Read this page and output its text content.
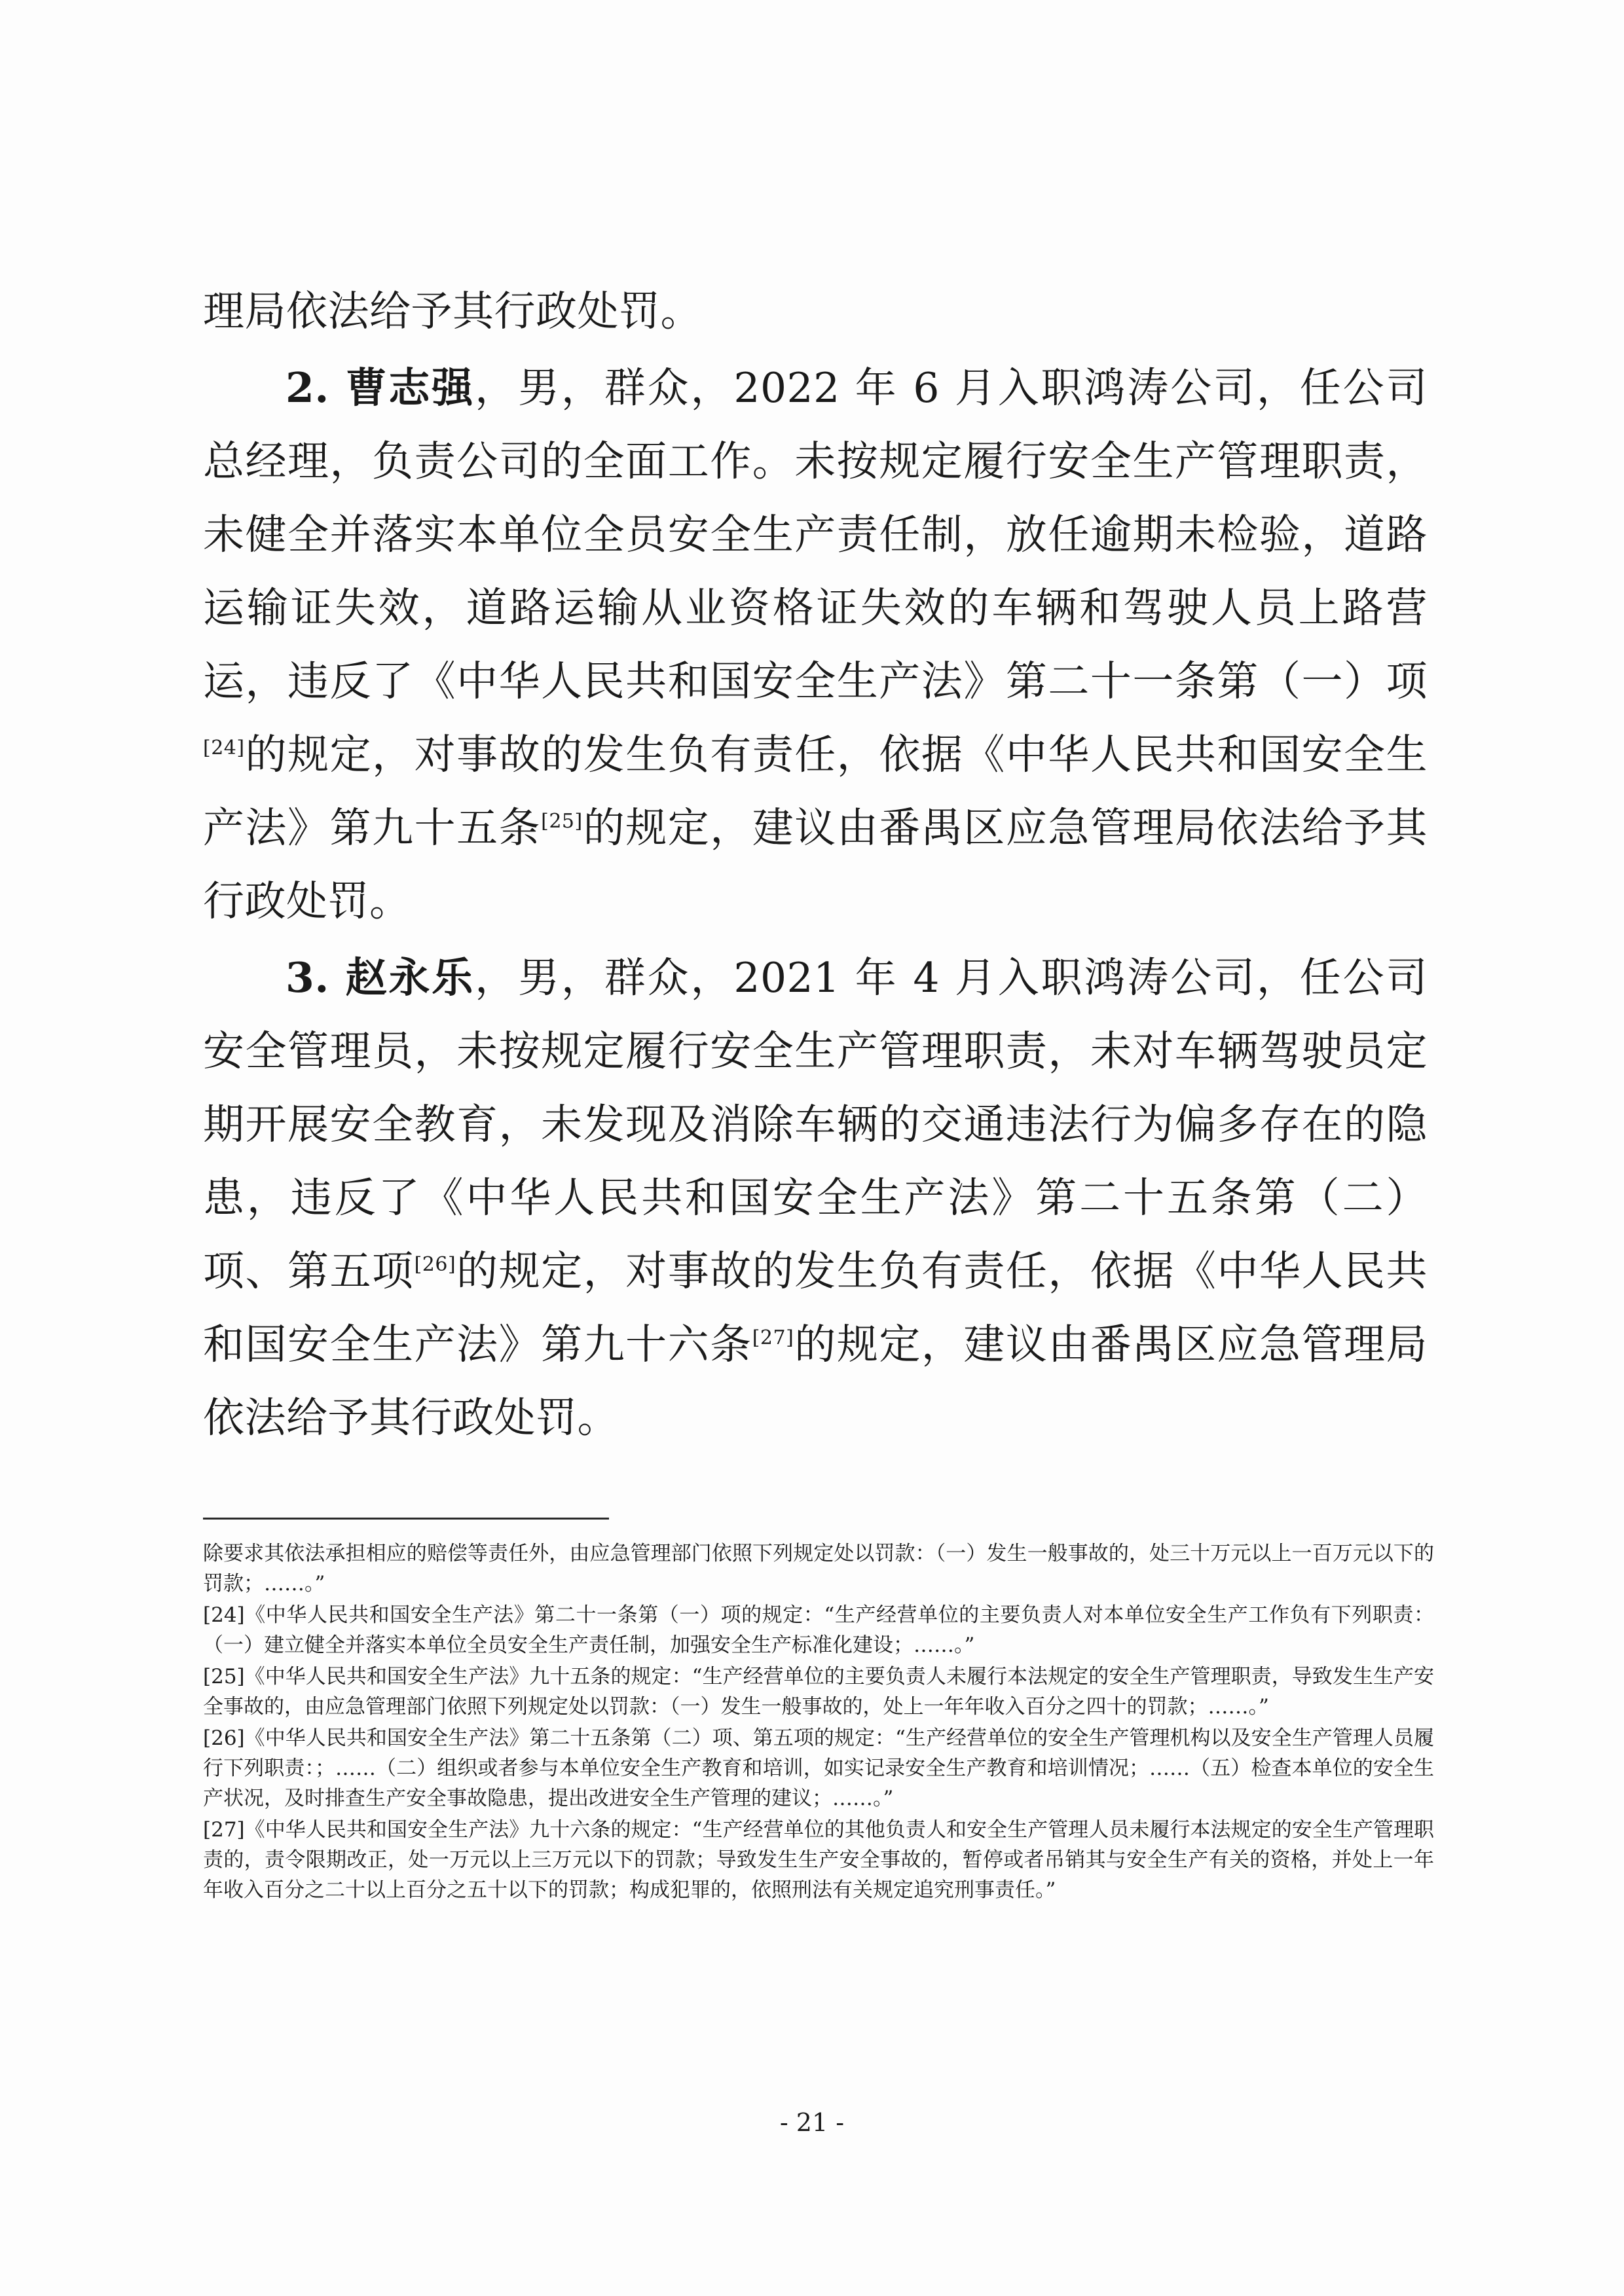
理局依法给予其行政处罚。

2. 曹志强，男，群众，2022 年 6 月入职鸿涛公司，任公司总经理，负责公司的全面工作。未按规定履行安全生产管理职责，未健全并落实本单位全员安全生产责任制，放任逾期未检验，道路运输证失效，道路运输从业资格证失效的车辆和驾驶人员上路营运，违反了《中华人民共和国安全生产法》第二十一条第（一）项[24]的规定，对事故的发生负有责任，依据《中华人民共和国安全生产法》第九十五条[25]的规定，建议由番禺区应急管理局依法给予其行政处罚。

3. 赵永乐，男，群众，2021 年 4 月入职鸿涛公司，任公司安全管理员，未按规定履行安全生产管理职责，未对车辆驾驶员定期开展安全教育，未发现及消除车辆的交通违法行为偏多存在的隐患，违反了《中华人民共和国安全生产法》第二十五条第（二）项、第五项[26]的规定，对事故的发生负有责任，依据《中华人民共和国安全生产法》第九十六条[27]的规定，建议由番禺区应急管理局依法给予其行政处罚。

除要求其依法承担相应的赔偿等责任外，由应急管理部门依照下列规定处以罚款：（一）发生一般事故的，处三十万元以上一百万元以下的罚款；……。”

[24]《中华人民共和国安全生产法》第二十一条第（一）项的规定：“生产经营单位的主要负责人对本单位安全生产工作负有下列职责：（一）建立健全并落实本单位全员安全生产责任制，加强安全生产标准化建设；……。”

[25]《中华人民共和国安全生产法》九十五条的规定：“生产经营单位的主要负责人未履行本法规定的安全生产管理职责，导致发生生产安全事故的，由应急管理部门依照下列规定处以罚款：（一）发生一般事故的，处上一年年收入百分之四十的罚款；……。”

[26]《中华人民共和国安全生产法》第二十五条第（二）项、第五项的规定：“生产经营单位的安全生产管理机构以及安全生产管理人员履行下列职责：；……（二）组织或者参与本单位安全生产教育和培训，如实记录安全生产教育和培训情况；……（五）检查本单位的安全生产状况，及时排查生产安全事故隐患，提出改进安全生产管理的建议；……。”

[27]《中华人民共和国安全生产法》九十六条的规定：“生产经营单位的其他负责人和安全生产管理人员未履行本法规定的安全生产管理职责的，责令限期改正，处一万元以上三万元以下的罚款；导致发生生产安全事故的，暂停或者吊销其与安全生产有关的资格，并处上一年年收入百分之二十以上百分之五十以下的罚款；构成犯罪的，依照刑法有关规定追究刑事责任。”

- 21 -
